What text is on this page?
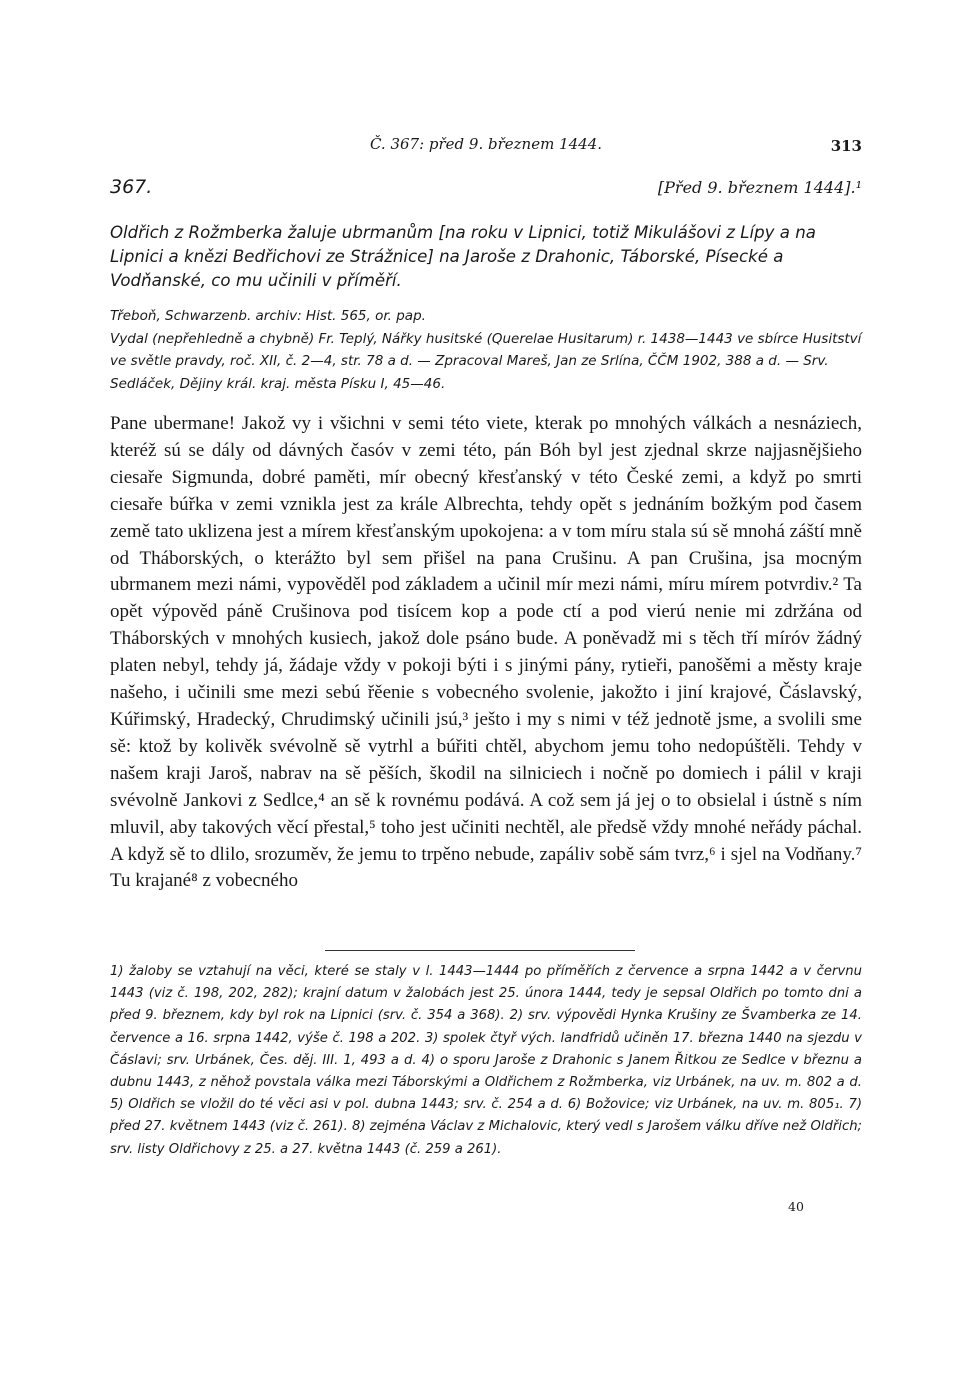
Č. 367: před 9. březnem 1444.	313
367.	[Před 9. březnem 1444].¹

Oldřich z Rožmberka žaluje ubrmanům [na roku v Lipnici, totiž Mikulášovi z Lípy a na Lipnici a knězi Bedřichovi ze Strážnice] na Jaroše z Drahonic, Táborské, Písecké a Vodňanské, co mu učinili v příměří.

Třeboň, Schwarzenb. archiv: Hist. 565, or. pap.

Vydal (nepřehledně a chybně) Fr. Teplý, Nářky husitské (Querelae Husitarum) r. 1438—1443 ve sbírce Husitství ve světle pravdy, roč. XII, č. 2—4, str. 78 a d. — Zpracoval Mareš, Jan ze Srlína, ČČM 1902, 388 a d. — Srv. Sedláček, Dějiny král. kraj. města Písku I, 45—46.

Pane ubermane! Jakož vy i všichni v semi této viete, kterak po mnohých válkách a nesnáziech, kteréž sú se dály od dávných časóv v zemi této, pán Bóh byl jest zjednal skrze najjasnějšieho ciesaře Sigmunda, dobré paměti, mír obecný křesťanský v této České zemi, a když po smrti ciesaře búřka v zemi vznikla jest za krále Albrechta, tehdy opět s jednáním božkým pod časem země tato uklizena jest a mírem křesťanským upokojena: a v tom míru stala sú sě mnohá záští mně od Tháborských, o kterážto byl sem přišel na pana Crušinu. A pan Crušina, jsa mocným ubrmanem mezi námi, vypověděl pod základem a učinil mír mezi námi, míru mírem potvrdiv.² Ta opět výpověd páně Crušinova pod tisícem kop a pode ctí a pod vierú nenie mi zdržána od Tháborských v mnohých kusiech, jakož dole psáno bude. A poněvadž mi s těch tří míróv žádný platen nebyl, tehdy já, žádaje vždy v pokoji býti i s jinými pány, rytieři, panošěmi a městy kraje našeho, i učinili sme mezi sebú řěenie s vobecného svolenie, jakožto i jiní krajové, Čáslavský, Kúřimský, Hradecký, Chrudimský učinili jsú,³ ješto i my s nimi v též jednotě jsme, a svolili sme sě: ktož by kolivěk svévolně sě vytrhl a búřiti chtěl, abychom jemu toho nedopúštěli. Tehdy v našem kraji Jaroš, nabrav na sě pěších, škodil na silniciech i nočně po domiech i pálil v kraji svévolně Jankovi z Sedlce,⁴ an sě k rovnému podává. A což sem já jej o to obsielal i ústně s ním mluvil, aby takových věcí přestal,⁵ toho jest učiniti nechtěl, ale předsě vždy mnohé neřády páchal. A když sě to dlilo, srozuměv, že jemu to trpěno nebude, zapáliv sobě sám tvrz,⁶ i sjel na Vodňany.⁷ Tu krajané⁸ z vobecného

1) žaloby se vztahují na věci, které se staly v l. 1443—1444 po příměřích z července a srpna 1442 a v červnu 1443 (viz č. 198, 202, 282); krajní datum v žalobách jest 25. února 1444, tedy je sepsal Oldřich po tomto dni a před 9. březnem, kdy byl rok na Lipnici (srv. č. 354 a 368). 2) srv. výpovědi Hynka Krušiny ze Švamberka ze 14. července a 16. srpna 1442, výše č. 198 a 202. 3) spolek čtyř vých. landfridů učiněn 17. března 1440 na sjezdu v Čáslavi; srv. Urbánek, Čes. děj. III. 1, 493 a d. 4) o sporu Jaroše z Drahonic s Janem Řitkou ze Sedlce v březnu a dubnu 1443, z něhož povstala válka mezi Táborskými a Oldřichem z Rožmberka, viz Urbánek, na uv. m. 802 a d. 5) Oldřich se vložil do té věci asi v pol. dubna 1443; srv. č. 254 a d. 6) Božovice; viz Urbánek, na uv. m. 805₁. 7) před 27. květnem 1443 (viz č. 261). 8) zejména Václav z Michalovic, který vedl s Jarošem válku dříve než Oldřich; srv. listy Oldřichovy z 25. a 27. května 1443 (č. 259 a 261).

40
